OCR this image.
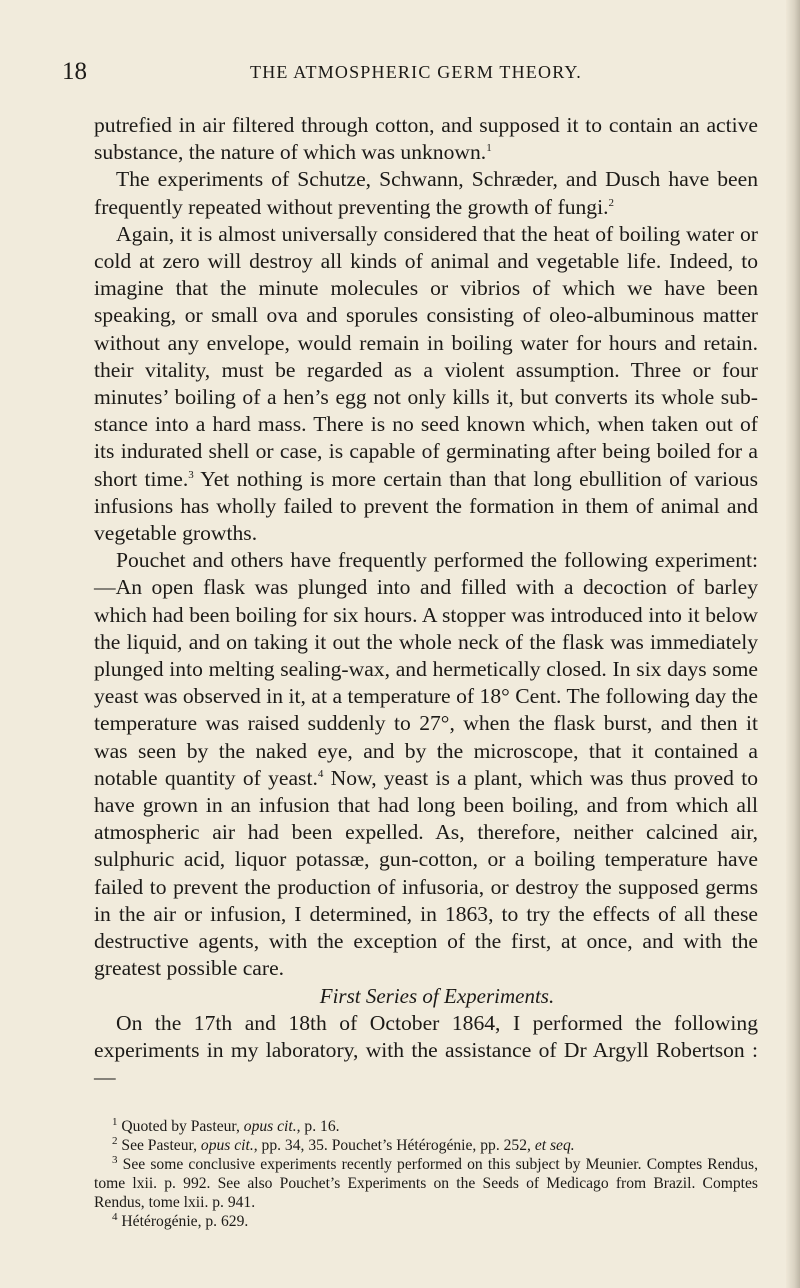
18	THE ATMOSPHERIC GERM THEORY.

putrefied in air filtered through cotton, and supposed it to contain an active substance, the nature of which was unknown.$^1$

The experiments of Schutze, Schwann, Schræder, and Dusch have been frequently repeated without preventing the growth of fungi.$^2$

Again, it is almost universally considered that the heat of boiling water or cold at zero will destroy all kinds of animal and vegetable life. Indeed, to imagine that the minute molecules or vibrios of which we have been speaking, or small ova and sporules consisting of oleo-albuminous matter without any envelope, would remain in boiling water for hours and retain. their vitality, must be regarded as a violent assumption. Three or four minutes’ boiling of a hen’s egg not only kills it, but converts its whole substance into a hard mass. There is no seed known which, when taken out of its indurated shell or case, is capable of germinating after being boiled for a short time.$^3$ Yet nothing is more certain than that long ebullition of various infusions has wholly failed to prevent the formation in them of animal and vegetable growths.

Pouchet and others have frequently performed the following experiment:—An open flask was plunged into and filled with a decoction of barley which had been boiling for six hours. A stopper was introduced into it below the liquid, and on taking it out the whole neck of the flask was immediately plunged into melting sealing-wax, and hermetically closed. In six days some yeast was observed in it, at a temperature of 18° Cent. The following day the temperature was raised suddenly to 27°, when the flask burst, and then it was seen by the naked eye, and by the microscope, that it contained a notable quantity of yeast.$^4$ Now, yeast is a plant, which was thus proved to have grown in an infusion that had long been boiling, and from which all atmospheric air had been expelled. As, therefore, neither calcined air, sulphuric acid, liquor potassæ, gun-cotton, or a boiling temperature have failed to prevent the production of infusoria, or destroy the supposed germs in the air or infusion, I determined, in 1863, to try the effects of all these destructive agents, with the exception of the first, at once, and with the greatest possible care.

First Series of Experiments.

On the 17th and 18th of October 1864, I performed the following experiments in my laboratory, with the assistance of Dr Argyll Robertson :—

$^1$ Quoted by Pasteur, opus cit., p. 16.

$^2$ See Pasteur, opus cit., pp. 34, 35. Pouchet’s Hétérogénie, pp. 252, et seq.

$^3$ See some conclusive experiments recently performed on this subject by Meunier. Comptes Rendus, tome lxii. p. 992. See also Pouchet’s Experiments on the Seeds of Medicago from Brazil. Comptes Rendus, tome lxii. p. 941.

$^4$ Hétérogénie, p. 629.
